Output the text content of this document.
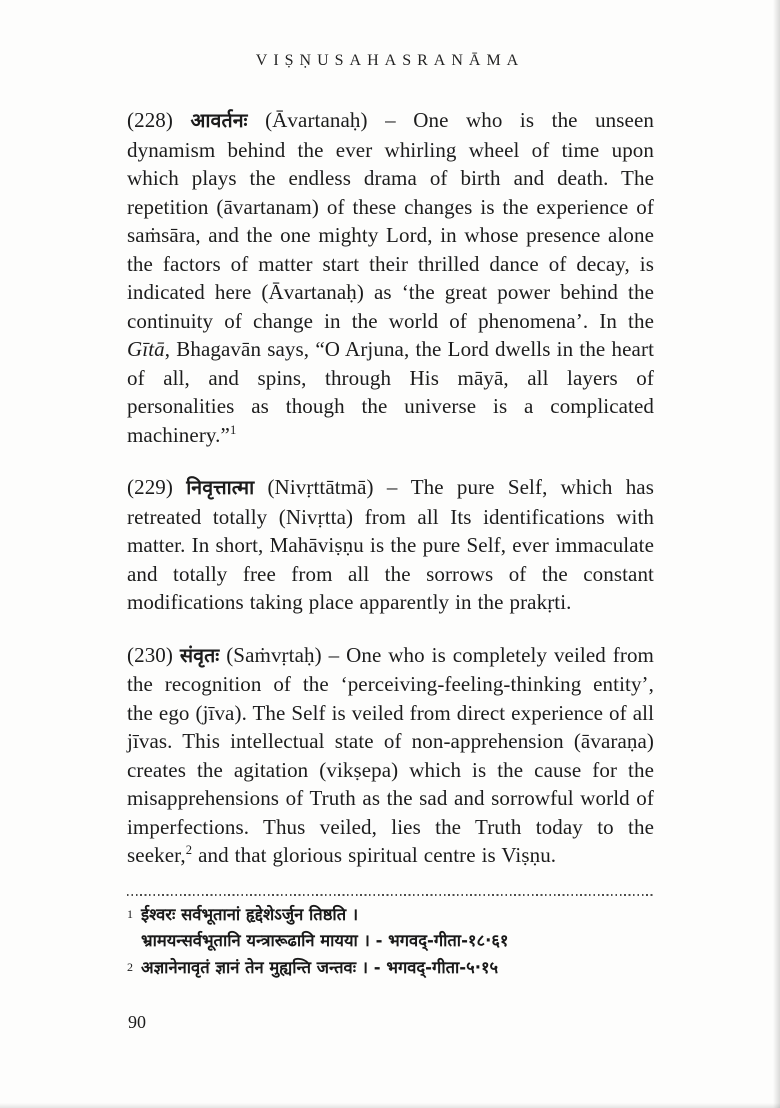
VIṢṆUSAHASRANĀMA

(228) आवर्तनः (Āvartanaḥ) – One who is the unseen dynamism behind the ever whirling wheel of time upon which plays the endless drama of birth and death. The repetition (āvartanam) of these changes is the experience of saṁsāra, and the one mighty Lord, in whose presence alone the factors of matter start their thrilled dance of decay, is indicated here (Āvartanaḥ) as ‘the great power behind the continuity of change in the world of phenomena’. In the Gītā, Bhagavān says, “O Arjuna, the Lord dwells in the heart of all, and spins, through His māyā, all layers of personalities as though the universe is a complicated machinery.”$^1$

(229) निवृत्तात्मा (Nivṛttātmā) – The pure Self, which has retreated totally (Nivṛtta) from all Its identifications with matter. In short, Mahāviṣṇu is the pure Self, ever immaculate and totally free from all the sorrows of the constant modifications taking place apparently in the prakṛti.

(230) संवृतः (Saṁvṛtaḥ) – One who is completely veiled from the recognition of the ‘perceiving-feeling-thinking entity’, the ego (jīva). The Self is veiled from direct experience of all jīvas. This intellectual state of non-apprehension (āvaraṇa) creates the agitation (vikṣepa) which is the cause for the misapprehensions of Truth as the sad and sorrowful world of imperfections. Thus veiled, lies the Truth today to the seeker,$^2$ and that glorious spiritual centre is Viṣṇu.

1 ईश्वरः सर्वभूतानां हृद्देशेऽर्जुन तिष्ठति ।
भ्रामयन्सर्वभूतानि यन्त्रारूढानि मायया । - भगवद्-गीता-१८·६१
2 अज्ञानेनावृतं ज्ञानं तेन मुह्यन्ति जन्तवः । - भगवद्-गीता-५·१५
90
